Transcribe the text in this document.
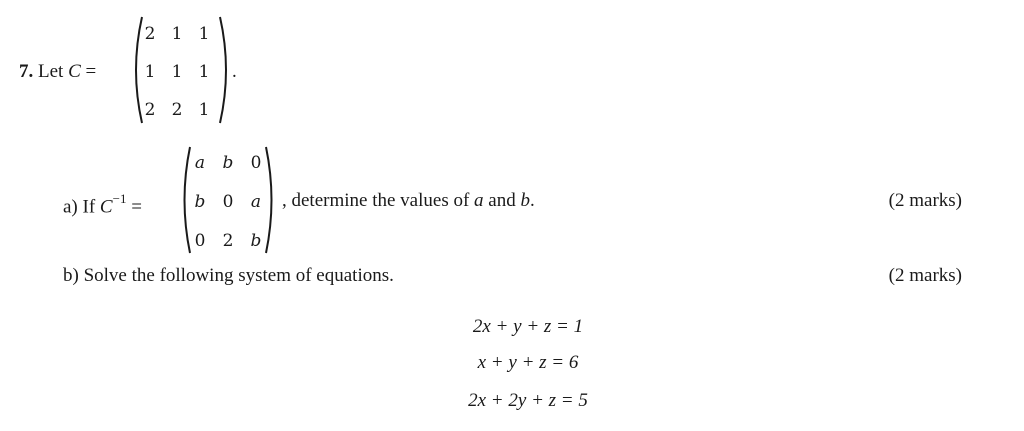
7. Let C =
2 1 1
1 1 1
2 2 1
.
a) If $C^{-1}$ =
a	b	0
b	0	a
0	2	b
, determine the values of a and b.	(2 marks)
b) Solve the following system of equations.	(2 marks)
2x + y + z = 1
x + y + z = 6
2x + 2y + z = 5
